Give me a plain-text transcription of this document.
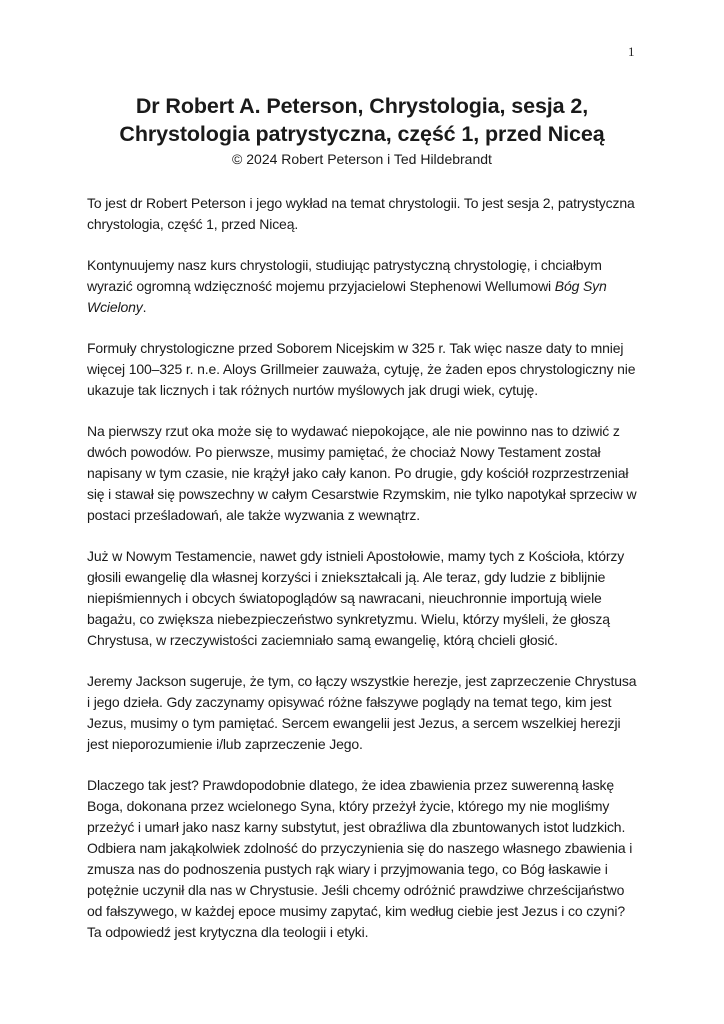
1
Dr Robert A. Peterson, Chrystologia, sesja 2,
Chrystologia patrystyczna, część 1, przed Niceą

© 2024 Robert Peterson i Ted Hildebrandt

To jest dr Robert Peterson i jego wykład na temat chrystologii. To jest sesja 2, patrystyczna chrystologia, część 1, przed Niceą.

Kontynuujemy nasz kurs chrystologii, studiując patrystyczną chrystologię, i chciałbym wyrazić ogromną wdzięczność mojemu przyjacielowi Stephenowi Wellumowi Bóg Syn Wcielony.

Formuły chrystologiczne przed Soborem Nicejskim w 325 r. Tak więc nasze daty to mniej więcej 100–325 r. n.e. Aloys Grillmeier zauważa, cytuję, że żaden epos chrystologiczny nie ukazuje tak licznych i tak różnych nurtów myślowych jak drugi wiek, cytuję.

Na pierwszy rzut oka może się to wydawać niepokojące, ale nie powinno nas to dziwić z dwóch powodów. Po pierwsze, musimy pamiętać, że chociaż Nowy Testament został napisany w tym czasie, nie krążył jako cały kanon. Po drugie, gdy kościół rozprzestrzeniał się i stawał się powszechny w całym Cesarstwie Rzymskim, nie tylko napotykał sprzeciw w postaci prześladowań, ale także wyzwania z wewnątrz.

Już w Nowym Testamencie, nawet gdy istnieli Apostołowie, mamy tych z Kościoła, którzy głosili ewangelię dla własnej korzyści i zniekształcali ją. Ale teraz, gdy ludzie z biblijnie niepiśmiennych i obcych światopoglądów są nawracani, nieuchronnie importują wiele bagażu, co zwiększa niebezpieczeństwo synkretyzmu. Wielu, którzy myśleli, że głoszą Chrystusa, w rzeczywistości zaciemniało samą ewangelię, którą chcieli głosić.

Jeremy Jackson sugeruje, że tym, co łączy wszystkie herezje, jest zaprzeczenie Chrystusa i jego dzieła. Gdy zaczynamy opisywać różne fałszywe poglądy na temat tego, kim jest Jezus, musimy o tym pamiętać. Sercem ewangelii jest Jezus, a sercem wszelkiej herezji jest nieporozumienie i/lub zaprzeczenie Jego.

Dlaczego tak jest? Prawdopodobnie dlatego, że idea zbawienia przez suwerenną łaskę Boga, dokonana przez wcielonego Syna, który przeżył życie, którego my nie mogliśmy przeżyć i umarł jako nasz karny substytut, jest obraźliwa dla zbuntowanych istot ludzkich. Odbiera nam jakąkolwiek zdolność do przyczynienia się do naszego własnego zbawienia i zmusza nas do podnoszenia pustych rąk wiary i przyjmowania tego, co Bóg łaskawie i potężnie uczynił dla nas w Chrystusie. Jeśli chcemy odróżnić prawdziwe chrześcijaństwo od fałszywego, w każdej epoce musimy zapytać, kim według ciebie jest Jezus i co czyni? Ta odpowiedź jest krytyczna dla teologii i etyki.
